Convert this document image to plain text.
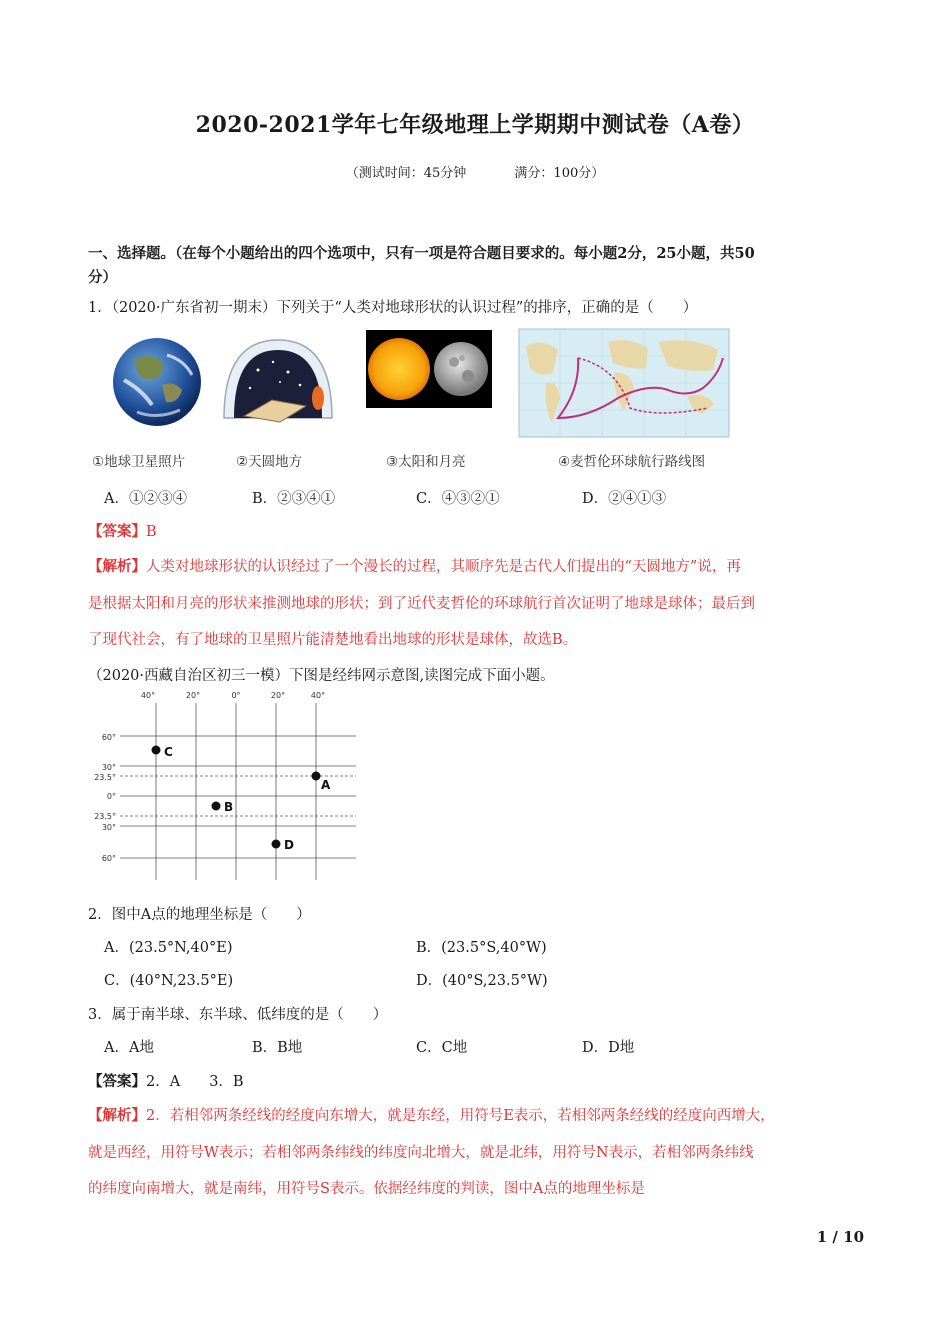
2020-2021学年七年级地理上学期期中测试卷（A卷）
（测试时间：45分钟	满分：100分）
一、选择题。（在每个小题给出的四个选项中，只有一项是符合题目要求的。每小题2分，25小题，共50
分）
1．（2020·广东省初一期末）下列关于“人类对地球形状的认识过程”的排序，正确的是（　　）
①地球卫星照片	②天圆地方	③太阳和月亮	④麦哲伦环球航行路线图
A．①②③④	B．②③④①	C．④③②①	D．②④①③
【答案】B
【解析】人类对地球形状的认识经过了一个漫长的过程，其顺序先是古代人们提出的“天圆地方”说，再
是根据太阳和月亮的形状来推测地球的形状；到了近代麦哲伦的环球航行首次证明了地球是球体；最后到
了现代社会，有了地球的卫星照片能清楚地看出地球的形状是球体，故选B。
（2020·西藏自治区初三一模）下图是经纬网示意图,读图完成下面小题。
40°	20°	0°	20°	40°
60°
30°
23.5°
0°
23.5°
30°
60°
C
A
B
D
2．图中A点的地理坐标是（　　）
A．(23.5°N,40°E)	B．(23.5°S,40°W)
C．(40°N,23.5°E)	D．(40°S,23.5°W)
3．属于南半球、东半球、低纬度的是（　　）
A．A地	B．B地	C．C地	D．D地
【答案】2．A　　3．B
【解析】2．若相邻两条经线的经度向东增大，就是东经，用符号E表示，若相邻两条经线的经度向西增大，
就是西经，用符号W表示；若相邻两条纬线的纬度向北增大，就是北纬，用符号N表示，若相邻两条纬线
的纬度向南增大，就是南纬，用符号S表示。依据经纬度的判读，图中A点的地理坐标是
1 / 10
